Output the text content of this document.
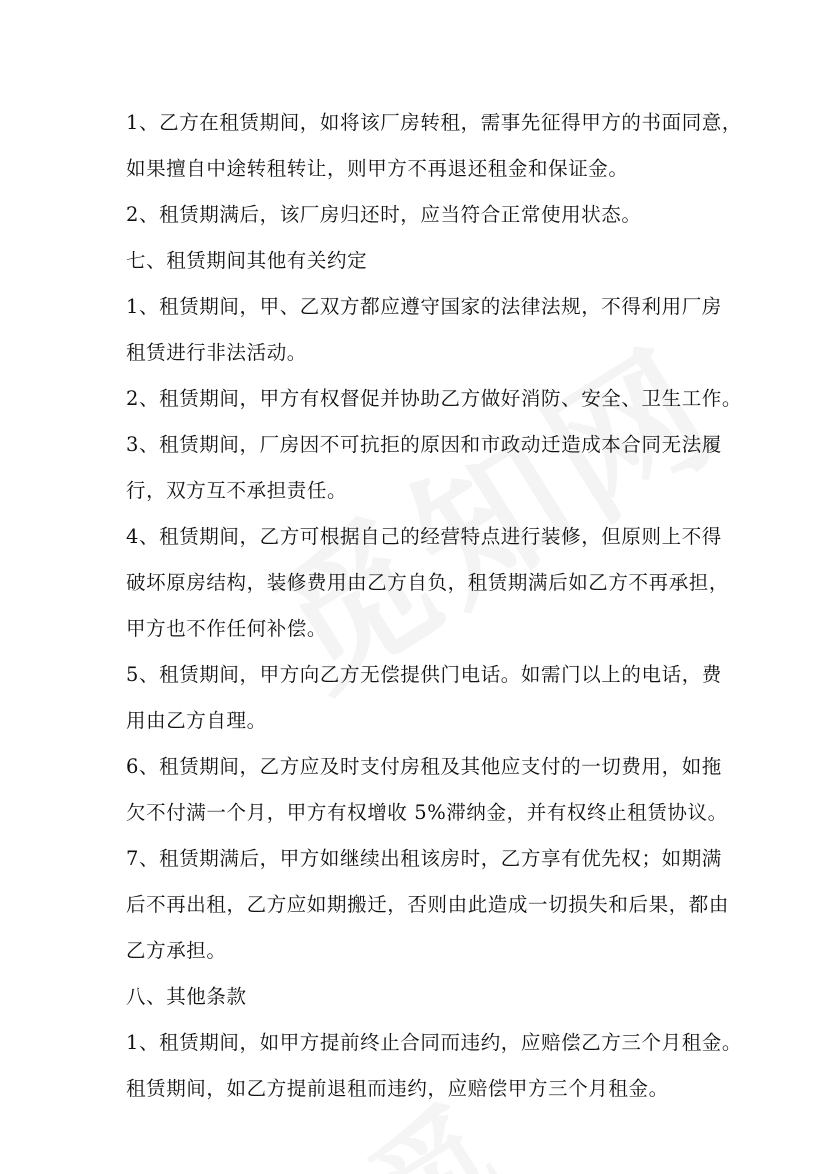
1、乙方在租赁期间，如将该厂房转租，需事先征得甲方的书面同意，
如果擅自中途转租转让，则甲方不再退还租金和保证金。
2、租赁期满后，该厂房归还时，应当符合正常使用状态。
七、租赁期间其他有关约定
1、租赁期间，甲、乙双方都应遵守国家的法律法规，不得利用厂房
租赁进行非法活动。
2、租赁期间，甲方有权督促并协助乙方做好消防、安全、卫生工作。
3、租赁期间，厂房因不可抗拒的原因和市政动迁造成本合同无法履
行，双方互不承担责任。
4、租赁期间，乙方可根据自己的经营特点进行装修，但原则上不得
破坏原房结构，装修费用由乙方自负，租赁期满后如乙方不再承担，
甲方也不作任何补偿。
5、租赁期间，甲方向乙方无偿提供门电话。如需门以上的电话，费
用由乙方自理。
6、租赁期间，乙方应及时支付房租及其他应支付的一切费用，如拖
欠不付满一个月，甲方有权增收 5%滞纳金，并有权终止租赁协议。
7、租赁期满后，甲方如继续出租该房时，乙方享有优先权；如期满
后不再出租，乙方应如期搬迁，否则由此造成一切损失和后果，都由
乙方承担。
八、其他条款
1、租赁期间，如甲方提前终止合同而违约，应赔偿乙方三个月租金。
租赁期间，如乙方提前退租而违约，应赔偿甲方三个月租金。
